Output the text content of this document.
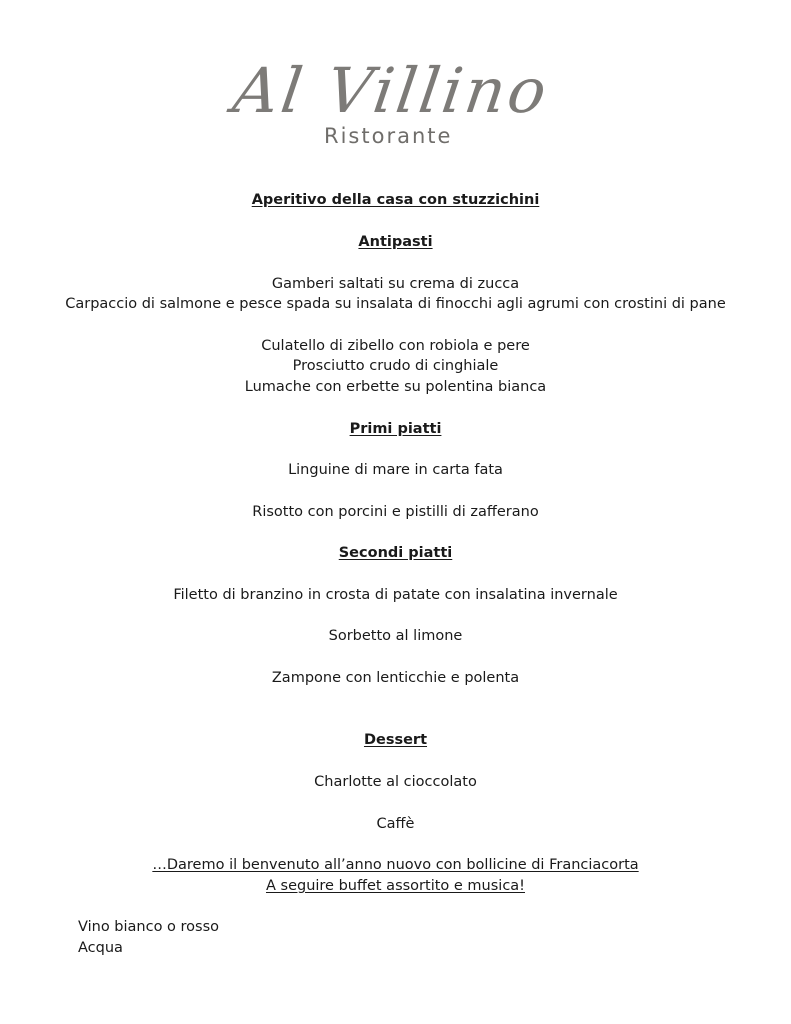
Al Villino
Ristorante
Aperitivo della casa con stuzzichini
Antipasti
Gamberi saltati su crema di zucca
Carpaccio di salmone e pesce spada su insalata di finocchi agli agrumi con crostini di pane
Culatello di zibello con robiola e pere
Prosciutto crudo di cinghiale
Lumache con erbette su polentina bianca
Primi piatti
Linguine di mare in carta fata
Risotto con porcini e pistilli di zafferano
Secondi piatti
Filetto di branzino in crosta di patate con insalatina invernale
Sorbetto al limone
Zampone con lenticchie e polenta
Dessert
Charlotte al cioccolato
Caffè
…Daremo il benvenuto all’anno nuovo con bollicine di Franciacorta
A seguire buffet assortito e musica!
Vino bianco o rosso
Acqua
